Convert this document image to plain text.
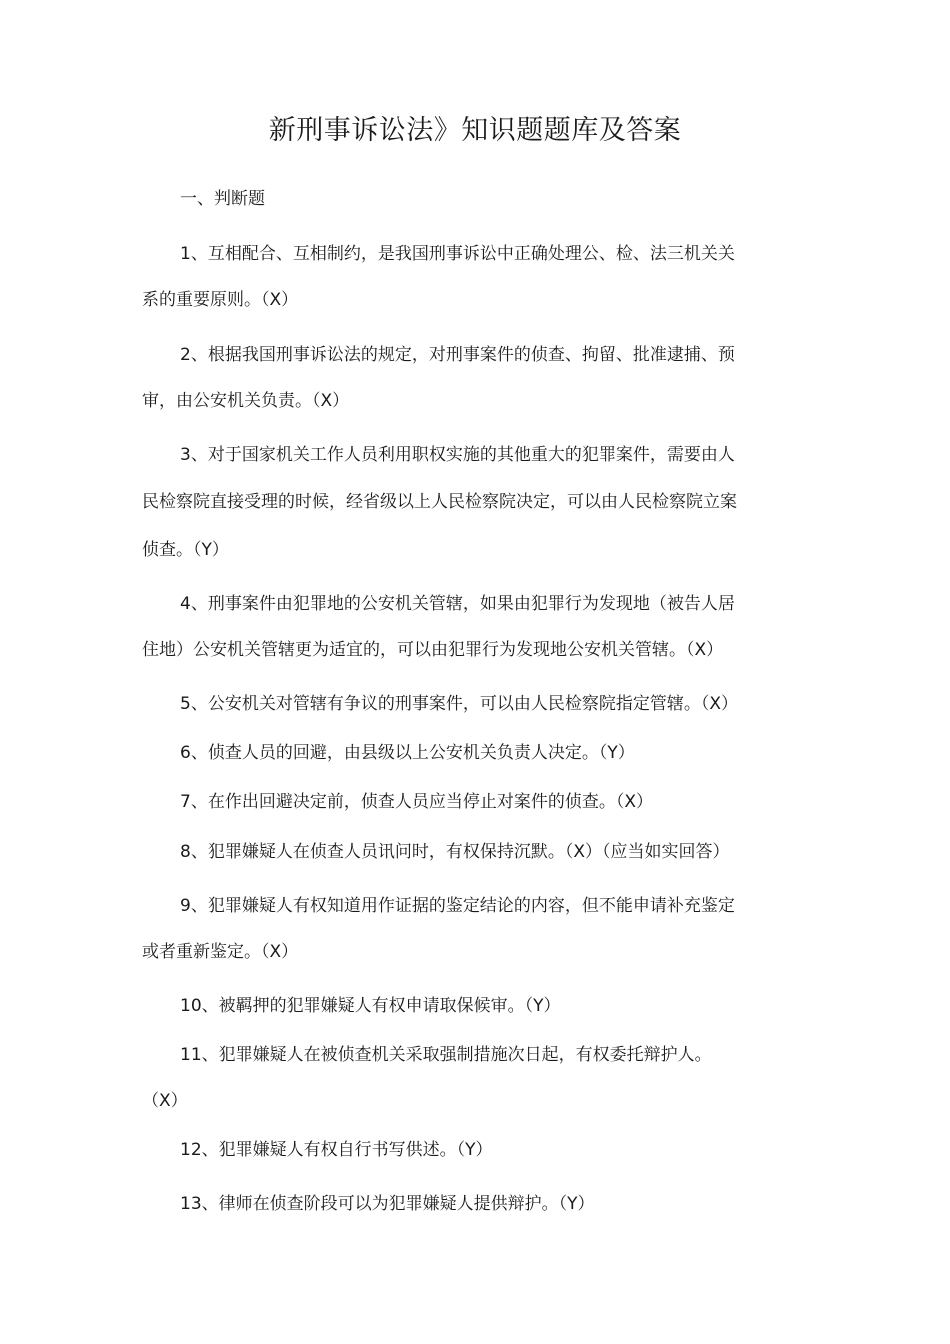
新刑事诉讼法》知识题题库及答案
一、判断题
1、互相配合、互相制约，是我国刑事诉讼中正确处理公、检、法三机关关
系的重要原则。（X）
2、根据我国刑事诉讼法的规定，对刑事案件的侦查、拘留、批准逮捕、预
审，由公安机关负责。（X）
3、对于国家机关工作人员利用职权实施的其他重大的犯罪案件，需要由人
民检察院直接受理的时候，经省级以上人民检察院决定，可以由人民检察院立案
侦查。（Y）
4、刑事案件由犯罪地的公安机关管辖，如果由犯罪行为发现地（被告人居
住地）公安机关管辖更为适宜的，可以由犯罪行为发现地公安机关管辖。（X）
5、公安机关对管辖有争议的刑事案件，可以由人民检察院指定管辖。（X）
6、侦查人员的回避，由县级以上公安机关负责人决定。（Y）
7、在作出回避决定前，侦查人员应当停止对案件的侦查。（X）
8、犯罪嫌疑人在侦查人员讯问时，有权保持沉默。（X）（应当如实回答）
9、犯罪嫌疑人有权知道用作证据的鉴定结论的内容，但不能申请补充鉴定
或者重新鉴定。（X）
10、被羁押的犯罪嫌疑人有权申请取保候审。（Y）
11、犯罪嫌疑人在被侦查机关采取强制措施次日起，有权委托辩护人。
（X）
12、犯罪嫌疑人有权自行书写供述。（Y）
13、律师在侦查阶段可以为犯罪嫌疑人提供辩护。（Y）
